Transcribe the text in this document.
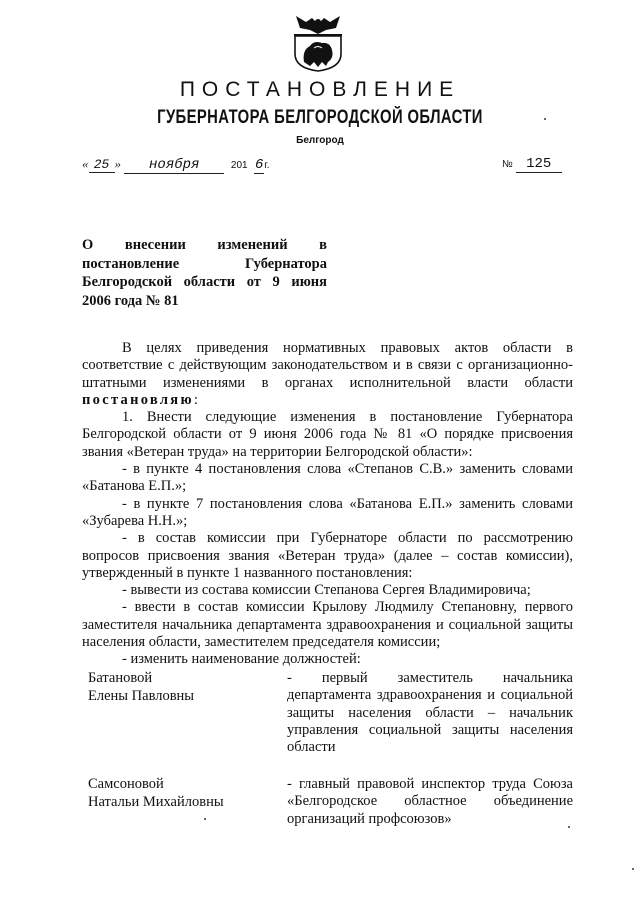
ПОСТАНОВЛЕНИЕ
ГУБЕРНАТОРА БЕЛГОРОДСКОЙ ОБЛАСТИ
Белгород
« 25 » ноября	201 6г.	№ 125
О внесении изменений в постановление Губернатора Белгородской области от 9 июня 2006 года № 81

В целях приведения нормативных правовых актов области в соответствие с действующим законодательством и в связи с организационно-штатными изменениями в органах исполнительной власти области постановляю:

1. Внести следующие изменения в постановление Губернатора Белгородской области от 9 июня 2006 года № 81 «О порядке присвоения звания «Ветеран труда» на территории Белгородской области»:

- в пункте 4 постановления слова «Степанов С.В.» заменить словами «Батанова Е.П.»;

- в пункте 7 постановления слова «Батанова Е.П.» заменить словами «Зубарева Н.Н.»;

- в состав комиссии при Губернаторе области по рассмотрению вопросов присвоения звания «Ветеран труда» (далее – состав комиссии), утвержденный в пункте 1 названного постановления:

- вывести из состава комиссии Степанова Сергея Владимировича;

- ввести в состав комиссии Крылову Людмилу Степановну, первого заместителя начальника департамента здравоохранения и социальной защиты населения области, заместителем председателя комиссии;

- изменить наименование должностей:

Батановой
Елены Павловны
- первый заместитель начальника департамента здравоохранения и социальной защиты населения области – начальник управления социальной защиты населения области
Самсоновой
Натальи Михайловны
- главный правовой инспектор труда Союза «Белгородское областное объединение организаций профсоюзов»
